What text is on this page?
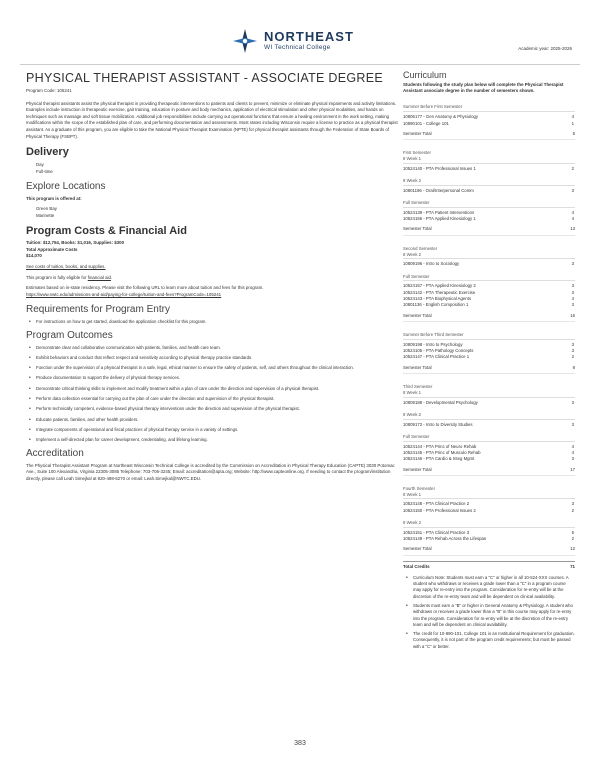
NORTHEAST
WI Technical College	Academic year: 2025-2026
PHYSICAL THERAPIST ASSISTANT - ASSOCIATE DEGREE
Program Code: 105241
Physical therapist assistants assist the physical therapist in providing therapeutic interventions to patients and clients to prevent, minimize or eliminate physical impairments and activity limitations. Examples include instruction in therapeutic exercise, gait training, education in posture and body mechanics, application of electrical stimulation and other physical modalities, and hands on techniques such as massage and soft tissue mobilization. Additional job responsibilities include carrying out operational functions that ensure a healing environment in the work setting, making modifications within the scope of the established plan of care, and performing documentation and assessments. Most states including Wisconsin require a license to practice as a physical therapist assistant. As a graduate of this program, you are eligible to take the National Physical Therapist Examination (NPTE) for physical therapist assistants through the Federation of State Boards of Physical Therapy (FSBPT).
Delivery
Day
Full-time
Explore Locations
This program is offered at:
Green Bay
Marinette
Program Costs & Financial Aid
Tuition: $12,754, Books: $1,016, Supplies: $300
Total Approximate Costs
$14,070
See costs of tuition, books, and supplies.
This program is fully eligible for financial aid.
Estimates based on in-state residency. Please visit the following URL to learn more about tuition and fees for this program.
https://www.nwtc.edu/admissions-and-aid/paying-for-college/tuition-and-fees?ProgramCode=105241
Requirements for Program Entry
• For instructions on how to get started, download the application checklist for this program.
Program Outcomes
• Demonstrate clear and collaborative communication with patients, families, and health care team.
• Exhibit behaviors and conduct that reflect respect and sensitivity according to physical therapy practice standards.
• Function under the supervision of a physical therapist in a safe, legal, ethical manner to ensure the safety of patients, self, and others throughout the clinical interaction.
• Produce documentation to support the delivery of physical therapy services.
• Demonstrate critical thinking skills to implement and modify treatment within a plan of care under the direction and supervision of a physical therapist.
• Perform data collection essential for carrying out the plan of care under the direction and supervision of the physical therapist.
• Perform technically competent, evidence-based physical therapy interventions under the direction and supervision of the physical therapist.
• Educate patients, families, and other health providers.
• Integrate components of operational and fiscal practices of physical therapy service in a variety of settings.
• Implement a self-directed plan for career development, credentialing, and lifelong learning.
Accreditation
The Physical Therapist Assistant Program at Northeast Wisconsin Technical College is accredited by the Commission on Accreditation in Physical Therapy Education (CAPTE) 3030 Potomac Ave., Suite 100 Alexandria, Virginia 22305-3085 Telephone: 703-706-3245; Email: accreditation@apta.org; Website: http://www.capteonline.org. If needing to contact the program/institution directly, please call Leah Simejkal at 920-498-6270 or email: Leah.Simejkal@NWTC.EDU.
Curriculum
Students following the study plan below will complete the Physical Therapist Assistant associate degree in the number of semesters shown.
Summer Before First Semester
10806177 - Gen Anatomy & Physiology	4
10890101 - College 101	1
Semester Total	5
First Semester
8 Week 1
10524140 - PTA Professional Issues 1	2
8 Week 2
10801196 - Oral/Interpersonal Comm	3
Full Semester
10524139 - PTA Patient Interventions	4
10524156 - PTA Applied Kinesiology 1	4
Semester Total	13
Second Semester
8 Week 2
10809196 - Intro to Sociology	3
Full Semester
10524157 - PTA Applied Kinesiology 2	3
10524142 - PTA Therapeutic Exercise	3
10524143 - PTA Biophysical Agents	4
10801136 - English Composition 1	3
Semester Total	16
Summer Before Third Semester
10809198 - Intro to Psychology	3
10524105 - PTA Pathology Concepts	3
10524147 - PTA Clinical Practice 1	2
Semester Total	8
Third Semester
8 Week 1
10809188 - Developmental Psychology	3
8 Week 2
10809172 - Intro to Diversity Studies	3
Full Semester
10524144 - PTA Princ of Neuro Rehab	4
10524145 - PTA Princ of Musculo Rehab	4
10524146 - PTA Cardio & Integ Mgmt	3
Semester Total	17
Fourth Semester
8 Week 1
10524148 - PTA Clinical Practice 2	3
10524150 - PTA Professional Issues 2	2
8 Week 2
10524151 - PTA Clinical Practice 3	5
10524149 - PTA Rehab Across the Lifespan	2
Semester Total	12
Total Credits	71
• Curriculum Note: Students must earn a "C" or higher in all 10-524-XXX courses. A student who withdraws or receives a grade lower than a "C" in a program course may apply for re-entry into the program. Consideration for re-entry will be at the discretion of the re-entry team and will be dependent on clinical availability.
• Students must earn a "B" or higher in General Anatomy & Physiology. A student who withdraws or receives a grade lower than a "B" in this course may apply for re-entry into the program. Consideration for re-entry will be at the discretion of the re-entry team and will be dependent on clinical availability.
• The credit for 10-890-101, College 101 is an Institutional Requirement for graduation. Consequently, it is not part of the program credit requirements; but must be passed with a "C" or better.
383
